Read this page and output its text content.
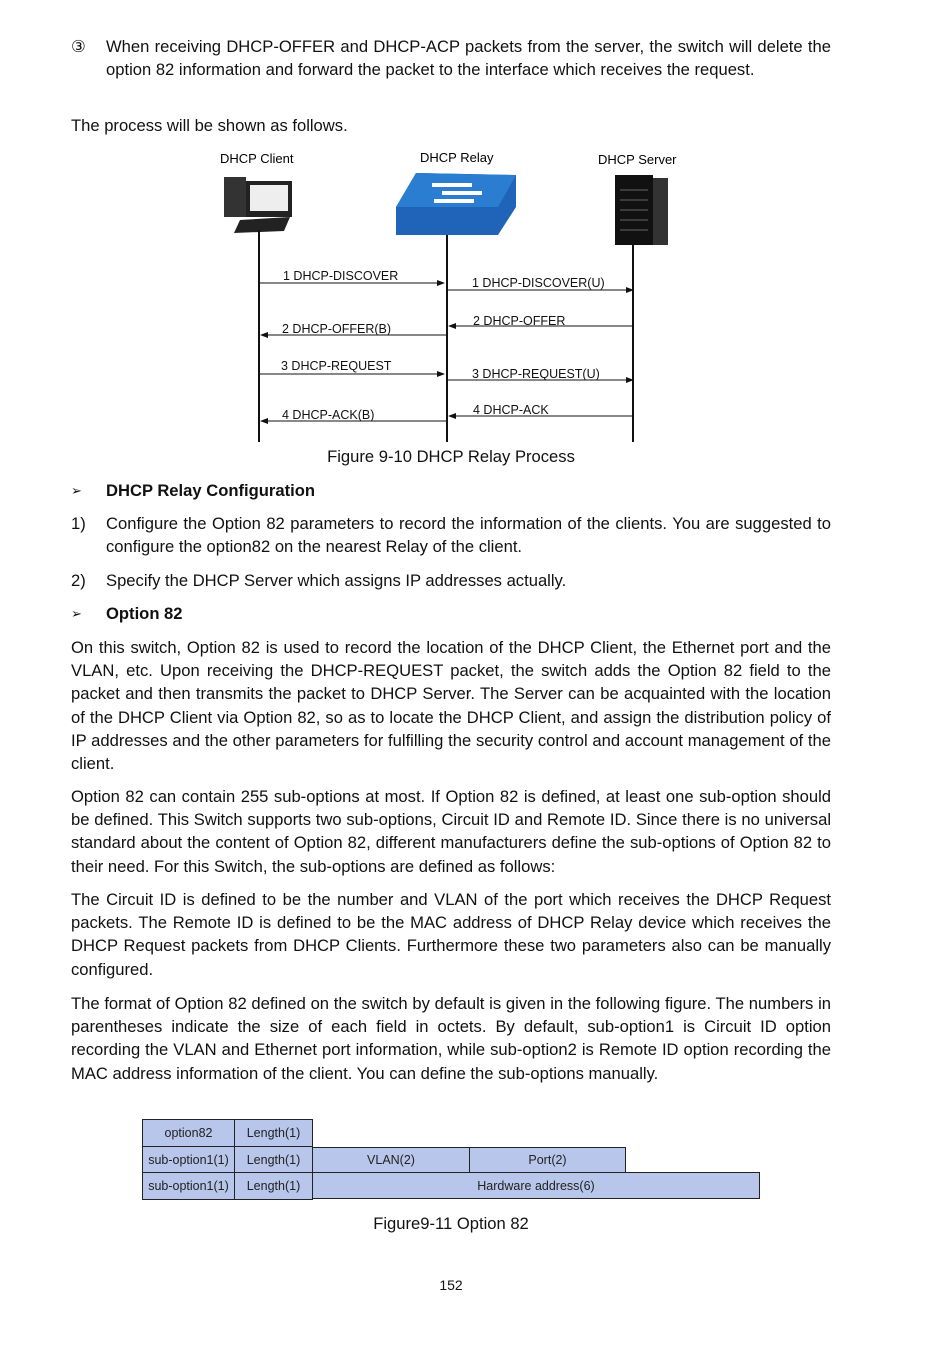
③ When receiving DHCP-OFFER and DHCP-ACP packets from the server, the switch will delete the option 82 information and forward the packet to the interface which receives the request.
The process will be shown as follows.
DHCP Client	DHCP Relay	DHCP Server
1 DHCP-DISCOVER	1 DHCP-DISCOVER(U)
2 DHCP-OFFER(B)
2 DHCP-OFFER
3 DHCP-REQUEST
3 DHCP-REQUEST(U)
4 DHCP-ACK(B)	4 DHCP-ACK
Figure 9-10 DHCP Relay Process
➢ DHCP Relay Configuration
1) Configure the Option 82 parameters to record the information of the clients. You are suggested to configure the option82 on the nearest Relay of the client.
2) Specify the DHCP Server which assigns IP addresses actually.
➢ Option 82
On this switch, Option 82 is used to record the location of the DHCP Client, the Ethernet port and the VLAN, etc. Upon receiving the DHCP-REQUEST packet, the switch adds the Option 82 field to the packet and then transmits the packet to DHCP Server. The Server can be acquainted with the location of the DHCP Client via Option 82, so as to locate the DHCP Client, and assign the distribution policy of IP addresses and the other parameters for fulfilling the security control and account management of the client.
Option 82 can contain 255 sub-options at most. If Option 82 is defined, at least one sub-option should be defined. This Switch supports two sub-options, Circuit ID and Remote ID. Since there is no universal standard about the content of Option 82, different manufacturers define the sub-options of Option 82 to their need. For this Switch, the sub-options are defined as follows:
The Circuit ID is defined to be the number and VLAN of the port which receives the DHCP Request packets. The Remote ID is defined to be the MAC address of DHCP Relay device which receives the DHCP Request packets from DHCP Clients. Furthermore these two parameters also can be manually configured.
The format of Option 82 defined on the switch by default is given in the following figure. The numbers in parentheses indicate the size of each field in octets. By default, sub-option1 is Circuit ID option recording the VLAN and Ethernet port information, while sub-option2 is Remote ID option recording the MAC address information of the client. You can define the sub-options manually.
option82	Length(1)
sub-option1(1)	Length(1)	VLAN(2)	Port(2)
sub-option1(1)	Length(1)	Hardware address(6)
Figure9-11 Option 82
152
